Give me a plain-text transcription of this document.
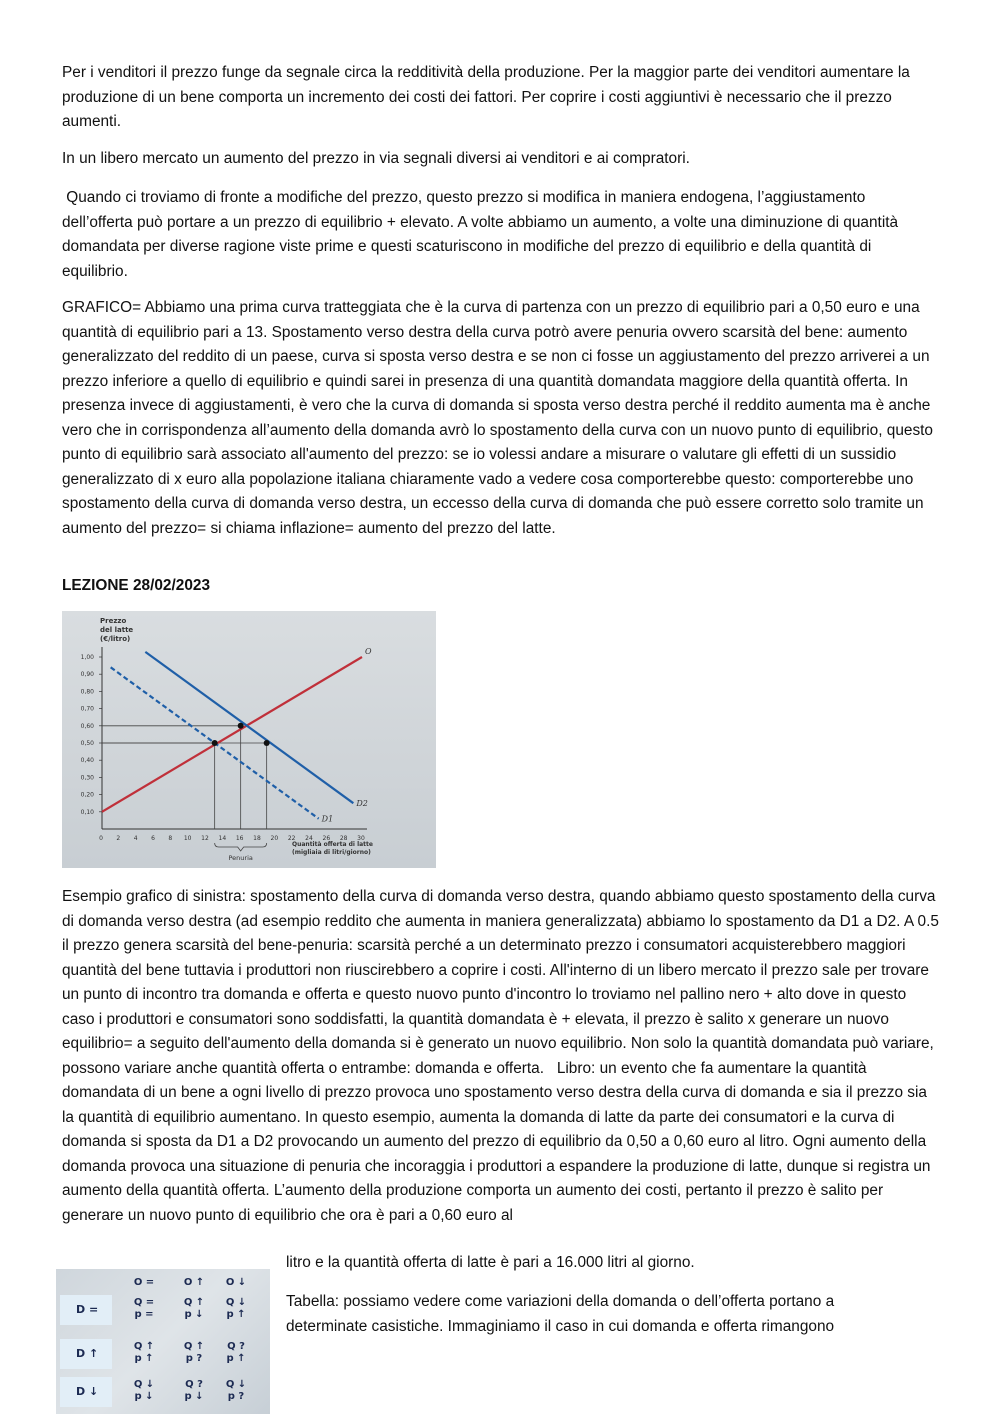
Per i venditori il prezzo funge da segnale circa la redditività della produzione. Per la maggior parte dei venditori aumentare la produzione di un bene comporta un incremento dei costi dei fattori. Per coprire i costi aggiuntivi è necessario che il prezzo aumenti.

In un libero mercato un aumento del prezzo in via segnali diversi ai venditori e ai compratori.

Quando ci troviamo di fronte a modifiche del prezzo, questo prezzo si modifica in maniera endogena, l’aggiustamento dell’offerta può portare a un prezzo di equilibrio + elevato. A volte abbiamo un aumento, a volte una diminuzione di quantità domandata per diverse ragione viste prime e questi scaturiscono in modifiche del prezzo di equilibrio e della quantità di equilibrio.

GRAFICO= Abbiamo una prima curva tratteggiata che è la curva di partenza con un prezzo di equilibrio pari a 0,50 euro e una quantità di equilibrio pari a 13. Spostamento verso destra della curva potrò avere penuria ovvero scarsità del bene: aumento generalizzato del reddito di un paese, curva si sposta verso destra e se non ci fosse un aggiustamento del prezzo arriverei a un prezzo inferiore a quello di equilibrio e quindi sarei in presenza di una quantità domandata maggiore della quantità offerta. In presenza invece di aggiustamenti, è vero che la curva di domanda si sposta verso destra perché il reddito aumenta ma è anche vero che in corrispondenza all’aumento della domanda avrò lo spostamento della curva con un nuovo punto di equilibrio, questo punto di equilibrio sarà associato all'aumento del prezzo: se io volessi andare a misurare o valutare gli effetti di un sussidio generalizzato di x euro alla popolazione italiana chiaramente vado a vedere cosa comporterebbe questo: comporterebbe uno spostamento della curva di domanda verso destra, un eccesso della curva di domanda che può essere corretto solo tramite un aumento del prezzo= si chiama inflazione= aumento del prezzo del latte.

LEZIONE 28/02/2023

Prezzo del latte (€/litro)
1,00
0,90
0,80
0,70
0,60
0,50
0,40
0,30
0,20
0,10
0 2 4 6 8 10 12 14 16 18 20 22 24 26 28 30
Quantità offerta di latte (migliaia di litri/giorno)
O
D1
D2
Penuria

Esempio grafico di sinistra: spostamento della curva di domanda verso destra, quando abbiamo questo spostamento della curva di domanda verso destra (ad esempio reddito che aumenta in maniera generalizzata) abbiamo lo spostamento da D1 a D2. A 0.5 il prezzo genera scarsità del bene-penuria: scarsità perché a un determinato prezzo i consumatori acquisterebbero maggiori quantità del bene tuttavia i produttori non riuscirebbero a coprire i costi. All'interno di un libero mercato il prezzo sale per trovare un punto di incontro tra domanda e offerta e questo nuovo punto d'incontro lo troviamo nel pallino nero + alto dove in questo caso i produttori e consumatori sono soddisfatti, la quantità domandata è + elevata, il prezzo è salito x generare un nuovo equilibrio= a seguito dell'aumento della domanda si è generato un nuovo equilibrio. Non solo la quantità domandata può variare, possono variare anche quantità offerta o entrambe: domanda e offerta.   Libro: un evento che fa aumentare la quantità domandata di un bene a ogni livello di prezzo provoca uno spostamento verso destra della curva di domanda e sia il prezzo sia la quantità di equilibrio aumentano. In questo esempio, aumenta la domanda di latte da parte dei consumatori e la curva di domanda si sposta da D1 a D2 provocando un aumento del prezzo di equilibrio da 0,50 a 0,60 euro al litro. Ogni aumento della domanda provoca una situazione di penuria che incoraggia i produttori a espandere la produzione di latte, dunque si registra un aumento della quantità offerta. L’aumento della produzione comporta un aumento dei costi, pertanto il prezzo è salito per generare un nuovo punto di equilibrio che ora è pari a 0,60 euro al

litro e la quantità offerta di latte è pari a 16.000 litri al giorno.

Tabella: possiamo vedere come variazioni della domanda o dell’offerta portano a determinate casistiche. Immaginiamo il caso in cui domanda e offerta rimangono

O =	O ↑	O ↓
D =
Q =
p =
Q ↑
p ↓
Q ↓
p ↑
D ↑
Q ↑
p ↑
Q ↑
p ?
Q ?
p ↑
D ↓
Q ↓
p ↓
Q ?
p ↓
Q ↓
p ?
